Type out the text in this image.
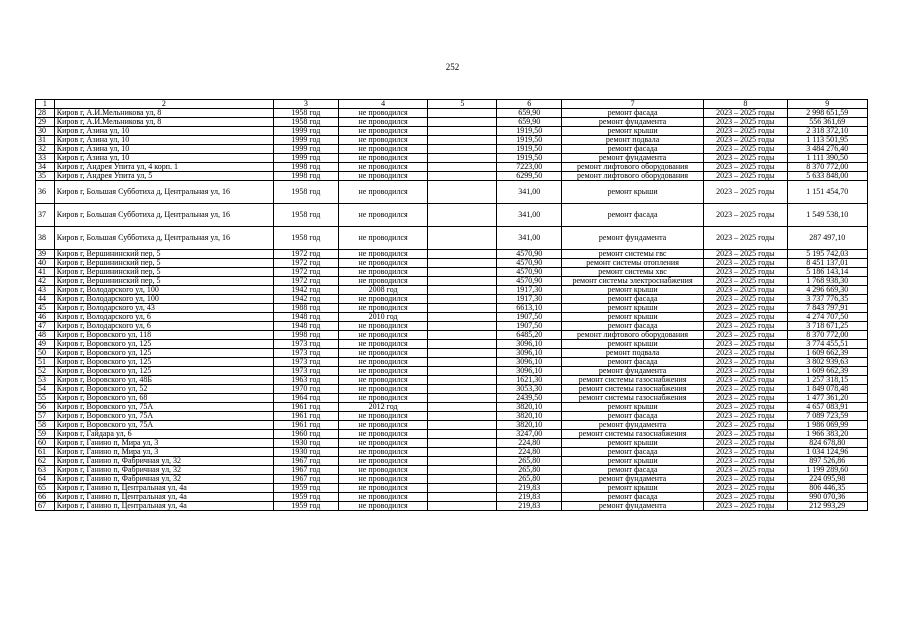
252
1	2	3	4	5	6	7	8	9
28	Киров г, А.И.Мельникова ул, 8	1958 год	не проводился		659,90	ремонт фасада	2023 – 2025 годы	2 998 651,59
29	Киров г, А.И.Мельникова ул, 8	1958 год	не проводился		659,90	ремонт фундамента	2023 – 2025 годы	556 361,69
30	Киров г, Азина ул, 10	1999 год	не проводился		1919,50	ремонт крыши	2023 – 2025 годы	2 318 372,10
31	Киров г, Азина ул, 10	1999 год	не проводился		1919,50	ремонт подвала	2023 – 2025 годы	1 113 501,95
32	Киров г, Азина ул, 10	1999 год	не проводился		1919,50	ремонт фасада	2023 – 2025 годы	3 484 276,40
33	Киров г, Азина ул, 10	1999 год	не проводился		1919,50	ремонт фундамента	2023 – 2025 годы	1 111 390,50
34	Киров г, Андрея Упита ул, 4 корп. 1	1998 год	не проводился		7223,00	ремонт лифтового оборудования	2023 – 2025 годы	8 370 772,00
35	Киров г, Андрея Упита ул, 5	1998 год	не проводился		6299,50	ремонт лифтового оборудования	2023 – 2025 годы	5 633 848,00
36	Киров г, Большая Субботиха д, Центральная ул, 16	1958 год	не проводился		341,00	ремонт крыши	2023 – 2025 годы	1 151 454,70
37	Киров г, Большая Субботиха д, Центральная ул, 16	1958 год	не проводился		341,00	ремонт фасада	2023 – 2025 годы	1 549 538,10
38	Киров г, Большая Субботиха д, Центральная ул, 16	1958 год	не проводился		341,00	ремонт фундамента	2023 – 2025 годы	287 497,10
39	Киров г, Вершининский пер, 5	1972 год	не проводился		4570,90	ремонт системы гвс	2023 – 2025 годы	5 195 742,03
40	Киров г, Вершининский пер, 5	1972 год	не проводился		4570,90	ремонт системы отопления	2023 – 2025 годы	8 451 137,01
41	Киров г, Вершининский пер, 5	1972 год	не проводился		4570,90	ремонт системы хвс	2023 – 2025 годы	5 186 143,14
42	Киров г, Вершининский пер, 5	1972 год	не проводился		4570,90	ремонт системы электроснабжения	2023 – 2025 годы	1 768 938,30
43	Киров г, Володарского ул, 100	1942 год	2008 год		1917,30	ремонт крыши	2023 – 2025 годы	4 296 669,30
44	Киров г, Володарского ул, 100	1942 год	не проводился		1917,30	ремонт фасада	2023 – 2025 годы	3 737 776,35
45	Киров г, Володарского ул, 43	1988 год	не проводился		6613,10	ремонт крыши	2023 – 2025 годы	7 843 797,91
46	Киров г, Володарского ул, 6	1948 год	2010 год		1907,50	ремонт крыши	2023 – 2025 годы	4 274 707,50
47	Киров г, Володарского ул, 6	1948 год	не проводился		1907,50	ремонт фасада	2023 – 2025 годы	3 718 671,25
48	Киров г, Воровского ул, 118	1998 год	не проводился		6485,20	ремонт лифтового оборудования	2023 – 2025 годы	8 370 772,00
49	Киров г, Воровского ул, 125	1973 год	не проводился		3096,10	ремонт крыши	2023 – 2025 годы	3 774 455,51
50	Киров г, Воровского ул, 125	1973 год	не проводился		3096,10	ремонт подвала	2023 – 2025 годы	1 609 662,39
51	Киров г, Воровского ул, 125	1973 год	не проводился		3096,10	ремонт фасада	2023 – 2025 годы	3 802 939,63
52	Киров г, Воровского ул, 125	1973 год	не проводился		3096,10	ремонт фундамента	2023 – 2025 годы	1 609 662,39
53	Киров г, Воровского ул, 48Б	1963 год	не проводился		1621,30	ремонт системы газоснабжения	2023 – 2025 годы	1 257 318,15
54	Киров г, Воровского ул, 52	1970 год	не проводился		3053,30	ремонт системы газоснабжения	2023 – 2025 годы	1 849 078,48
55	Киров г, Воровского ул, 68	1964 год	не проводился		2439,50	ремонт системы газоснабжения	2023 – 2025 годы	1 477 361,20
56	Киров г, Воровского ул, 75А	1961 год	2012 год		3820,10	ремонт крыши	2023 – 2025 годы	4 657 083,91
57	Киров г, Воровского ул, 75А	1961 год	не проводился		3820,10	ремонт фасада	2023 – 2025 годы	7 089 723,59
58	Киров г, Воровского ул, 75А	1961 год	не проводился		3820,10	ремонт фундамента	2023 – 2025 годы	1 986 069,99
59	Киров г, Гайдара ул, 6	1960 год	не проводился		3247,00	ремонт системы газоснабжения	2023 – 2025 годы	1 966 383,20
60	Киров г, Ганино п, Мира ул, 3	1930 год	не проводился		224,80	ремонт крыши	2023 – 2025 годы	824 678,80
61	Киров г, Ганино п, Мира ул, 3	1930 год	не проводился		224,80	ремонт фасада	2023 – 2025 годы	1 034 124,96
62	Киров г, Ганино п, Фабричная ул, 32	1967 год	не проводился		265,80	ремонт крыши	2023 – 2025 годы	897 526,86
63	Киров г, Ганино п, Фабричная ул, 32	1967 год	не проводился		265,80	ремонт фасада	2023 – 2025 годы	1 199 289,60
64	Киров г, Ганино п, Фабричная ул, 32	1967 год	не проводился		265,80	ремонт фундамента	2023 – 2025 годы	224 095,98
65	Киров г, Ганино п, Центральная ул, 4а	1959 год	не проводился		219,83	ремонт крыши	2023 – 2025 годы	806 446,35
66	Киров г, Ганино п, Центральная ул, 4а	1959 год	не проводился		219,83	ремонт фасада	2023 – 2025 годы	990 070,36
67	Киров г, Ганино п, Центральная ул, 4а	1959 год	не проводился		219,83	ремонт фундамента	2023 – 2025 годы	212 993,29
